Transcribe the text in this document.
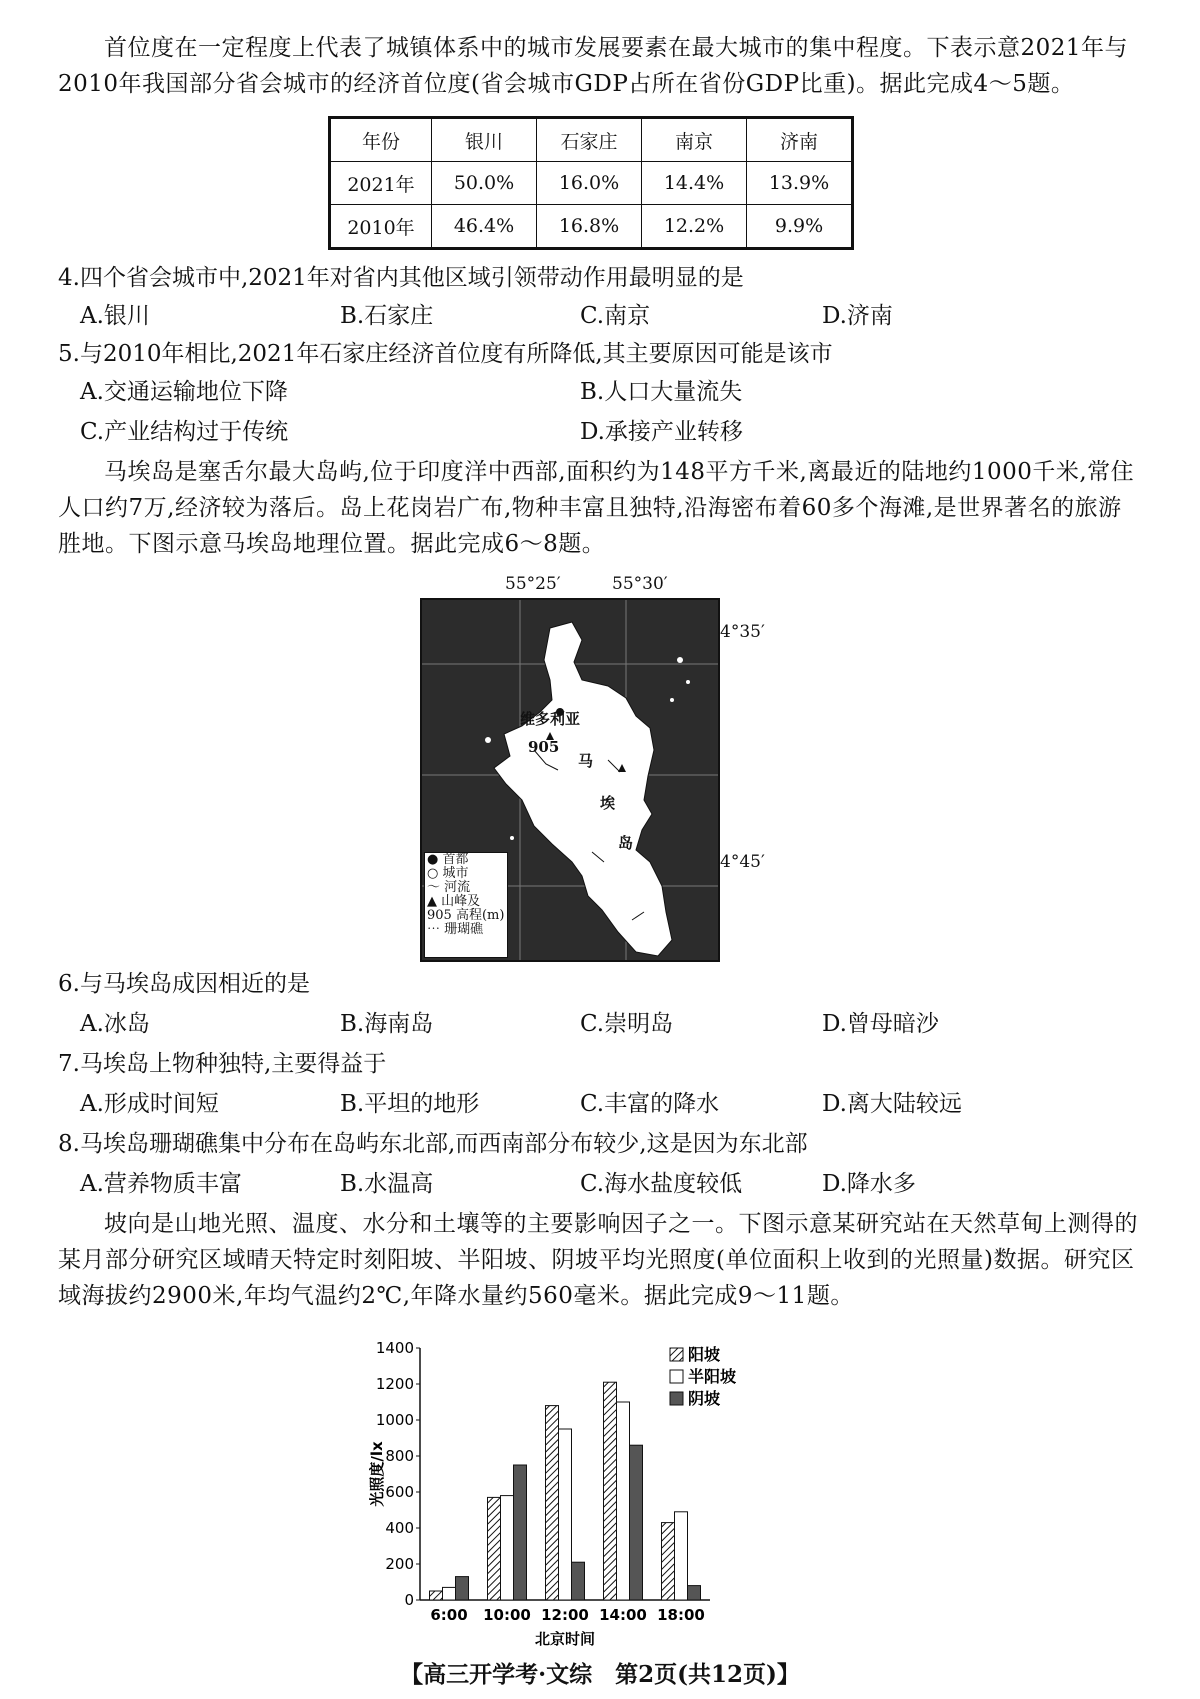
首位度在一定程度上代表了城镇体系中的城市发展要素在最大城市的集中程度。下表示意2021年与2010年我国部分省会城市的经济首位度(省会城市GDP占所在省份GDP比重)。据此完成4～5题。
年份	银川	石家庄	南京	济南
2021年	50.0%	16.0%	14.4%	13.9%
2010年	46.4%	16.8%	12.2%	9.9%
4.四个省会城市中,2021年对省内其他区域引领带动作用最明显的是
A.银川	B.石家庄	C.南京	D.济南
5.与2010年相比,2021年石家庄经济首位度有所降低,其主要原因可能是该市
A.交通运输地位下降	B.人口大量流失
C.产业结构过于传统	D.承接产业转移
马埃岛是塞舌尔最大岛屿,位于印度洋中西部,面积约为148平方千米,离最近的陆地约1000千米,常住人口约7万,经济较为落后。岛上花岗岩广布,物种丰富且独特,沿海密布着60多个海滩,是世界著名的旅游胜地。下图示意马埃岛地理位置。据此完成6～8题。
55°25′	55°30′
维多利亚
905
马
埃
岛
● 首都
○ 城市
～ 河流
▲ 山峰及
905 高程(m)
⋯ 珊瑚礁
4°35′
4°45′
6.与马埃岛成因相近的是
A.冰岛	B.海南岛	C.崇明岛	D.曾母暗沙
7.马埃岛上物种独特,主要得益于
A.形成时间短	B.平坦的地形	C.丰富的降水	D.离大陆较远
8.马埃岛珊瑚礁集中分布在岛屿东北部,而西南部分布较少,这是因为东北部
A.营养物质丰富	B.水温高	C.海水盐度较低	D.降水多
坡向是山地光照、温度、水分和土壤等的主要影响因子之一。下图示意某研究站在天然草甸上测得的某月部分研究区域晴天特定时刻阳坡、半阳坡、阴坡平均光照度(单位面积上收到的光照量)数据。研究区域海拔约2900米,年均气温约2℃,年降水量约560毫米。据此完成9～11题。
0
200
400
600
800
1000
1200
1400
光照度/lx
6:00 10:00 12:00 14:00 18:00
北京时间
阳坡
半阳坡
阴坡
【高三开学考·文综　第2页(共12页)】
